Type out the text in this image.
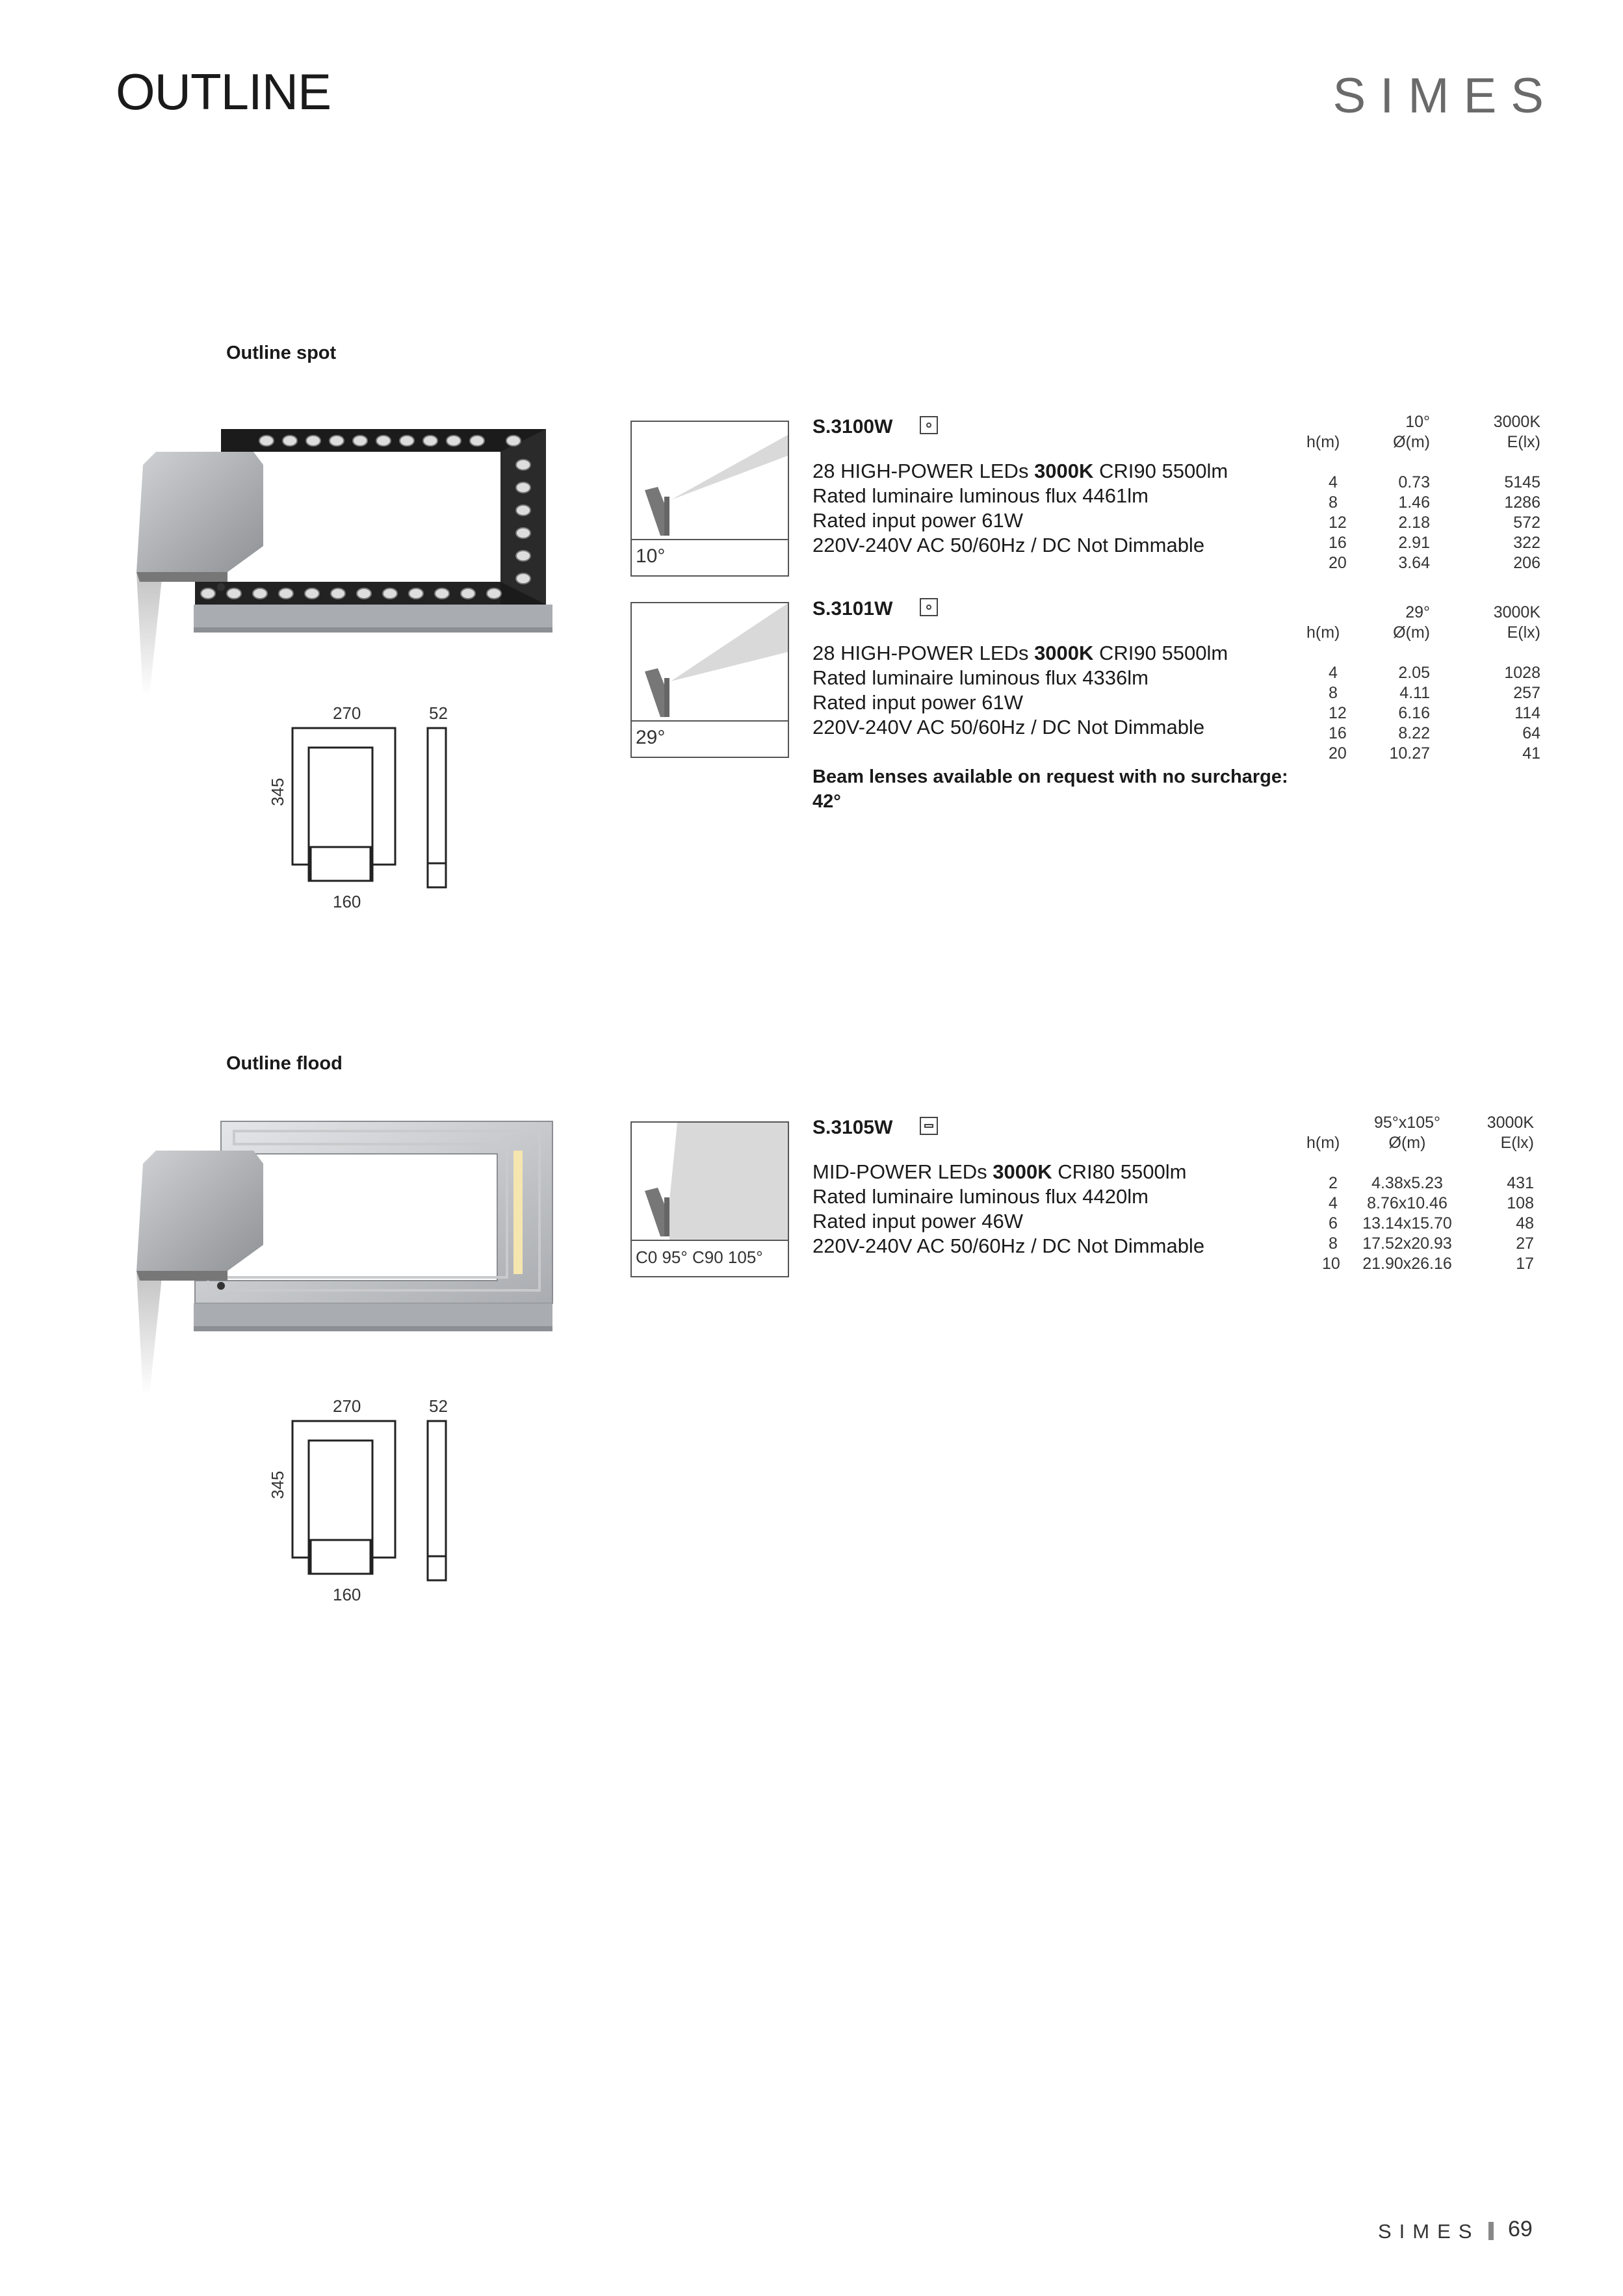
OUTLINE	SIMES
Outline spot
270	52
345
160
10°
29°
S.3100W
28 HIGH-POWER LEDs 3000K CRI90 5500lm
Rated luminaire luminous flux 4461lm
Rated input power 61W
220V-240V AC 50/60Hz / DC Not Dimmable
	10°	3000K
h(m)	Ø(m)	E(lx)

4	0.73	5145
8	1.46	1286
12	2.18	572
16	2.91	322
20	3.64	206
S.3101W
28 HIGH-POWER LEDs 3000K CRI90 5500lm
Rated luminaire luminous flux 4336lm
Rated input power 61W
220V-240V AC 50/60Hz / DC Not Dimmable
Beam lenses available on request with no surcharge:
42°
	29°	3000K
h(m)	Ø(m)	E(lx)

4	2.05	1028
8	4.11	257
12	6.16	114
16	8.22	64
20	10.27	41
Outline flood
270	52
345
160
C0 95° C90 105°
S.3105W
MID-POWER LEDs 3000K CRI80 5500lm
Rated luminaire luminous flux 4420lm
Rated input power 46W
220V-240V AC 50/60Hz / DC Not Dimmable
	95°x105°	3000K
h(m)	Ø(m)	E(lx)

2	4.38x5.23	431
4	8.76x10.46	108
6	13.14x15.70	48
8	17.52x20.93	27
10	21.90x26.16	17
SIMES 69
